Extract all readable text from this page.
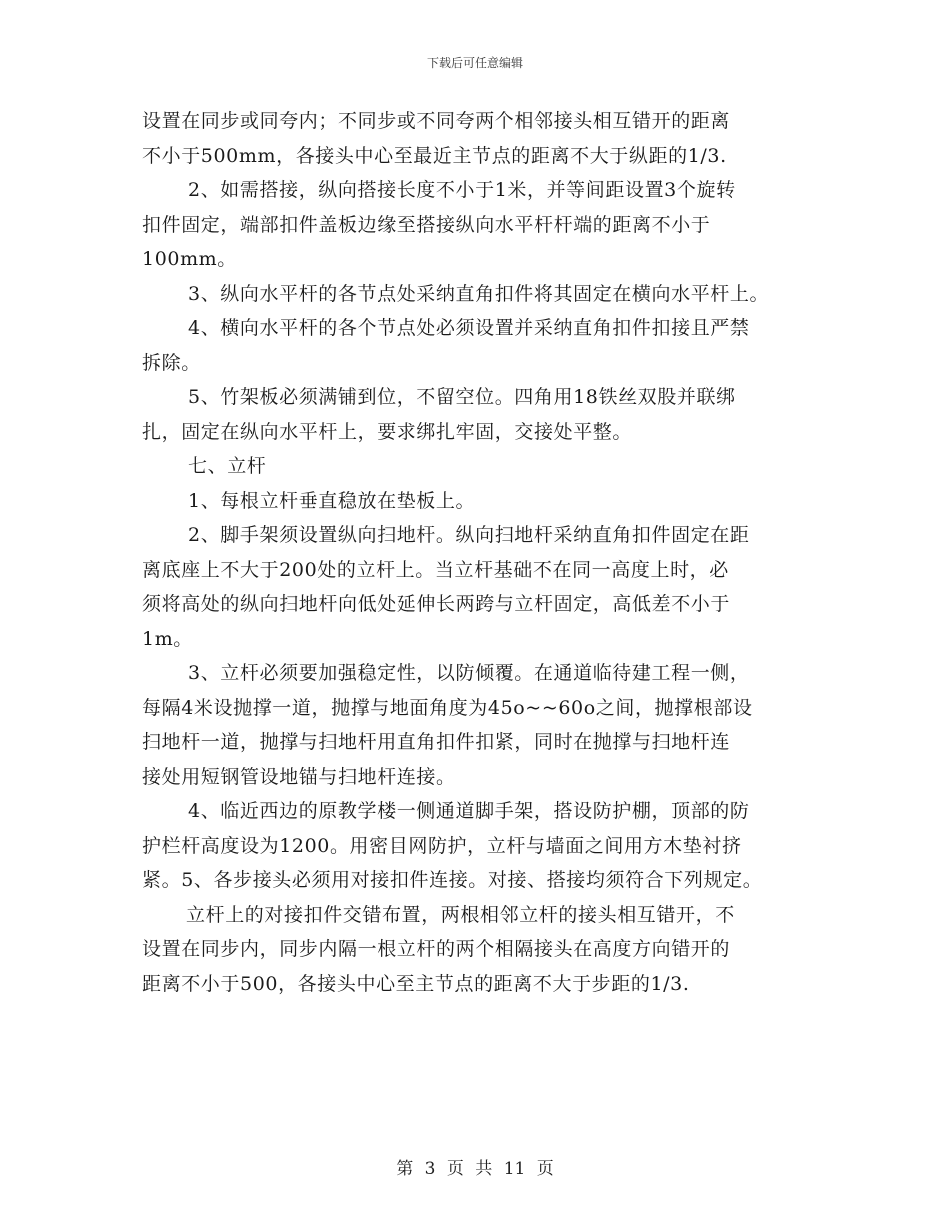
下载后可任意编辑
设置在同步或同夸内；不同步或不同夸两个相邻接头相互错开的距离
不小于500mm，各接头中心至最近主节点的距离不大于纵距的1/3.
2、如需搭接，纵向搭接长度不小于1米，并等间距设置3个旋转
扣件固定，端部扣件盖板边缘至搭接纵向水平杆杆端的距离不小于
100mm。
3、纵向水平杆的各节点处采纳直角扣件将其固定在横向水平杆上。
4、横向水平杆的各个节点处必须设置并采纳直角扣件扣接且严禁
拆除。
5、竹架板必须满铺到位，不留空位。四角用18铁丝双股并联绑
扎，固定在纵向水平杆上，要求绑扎牢固，交接处平整。
七、立杆
1、每根立杆垂直稳放在垫板上。
2、脚手架须设置纵向扫地杆。纵向扫地杆采纳直角扣件固定在距
离底座上不大于200处的立杆上。当立杆基础不在同一高度上时，必
须将高处的纵向扫地杆向低处延伸长两跨与立杆固定，高低差不小于
1m。
3、立杆必须要加强稳定性，以防倾覆。在通道临待建工程一侧，
每隔4米设抛撑一道，抛撑与地面角度为45o~~60o之间，抛撑根部设
扫地杆一道，抛撑与扫地杆用直角扣件扣紧，同时在抛撑与扫地杆连
接处用短钢管设地锚与扫地杆连接。
4、临近西边的原教学楼一侧通道脚手架，搭设防护棚，顶部的防
护栏杆高度设为1200。用密目网防护，立杆与墙面之间用方木垫衬挤
紧。5、各步接头必须用对接扣件连接。对接、搭接均须符合下列规定。
立杆上的对接扣件交错布置，两根相邻立杆的接头相互错开，不
设置在同步内，同步内隔一根立杆的两个相隔接头在高度方向错开的
距离不小于500，各接头中心至主节点的距离不大于步距的1/3.
第 3 页 共 11 页
